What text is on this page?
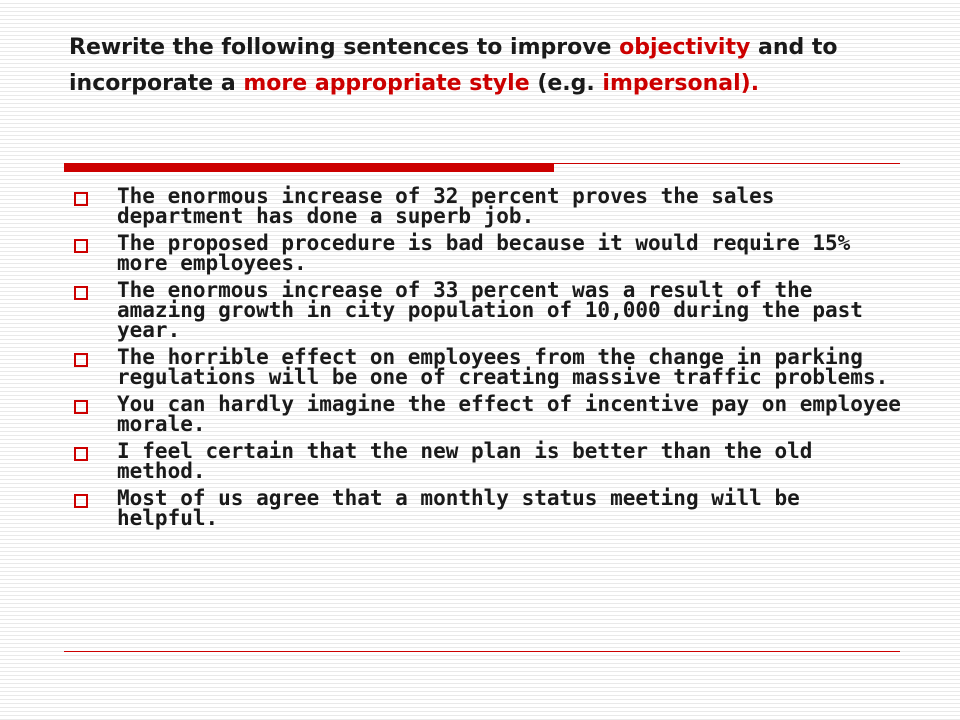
Rewrite the following sentences to improve objectivity and to incorporate a more appropriate style (e.g. impersonal).
The enormous increase of 32 percent proves the sales department has done a superb job.
The proposed procedure is bad because it would require 15% more employees.
The enormous increase of 33 percent was a result of the amazing growth in city population of 10,000 during the past year.
The horrible effect on employees from the change in parking regulations will be one of creating massive traffic problems.
You can hardly imagine the effect of incentive pay on employee morale.
I feel certain that the new plan is better than the old method.
Most of us agree that a monthly status meeting will be helpful.
